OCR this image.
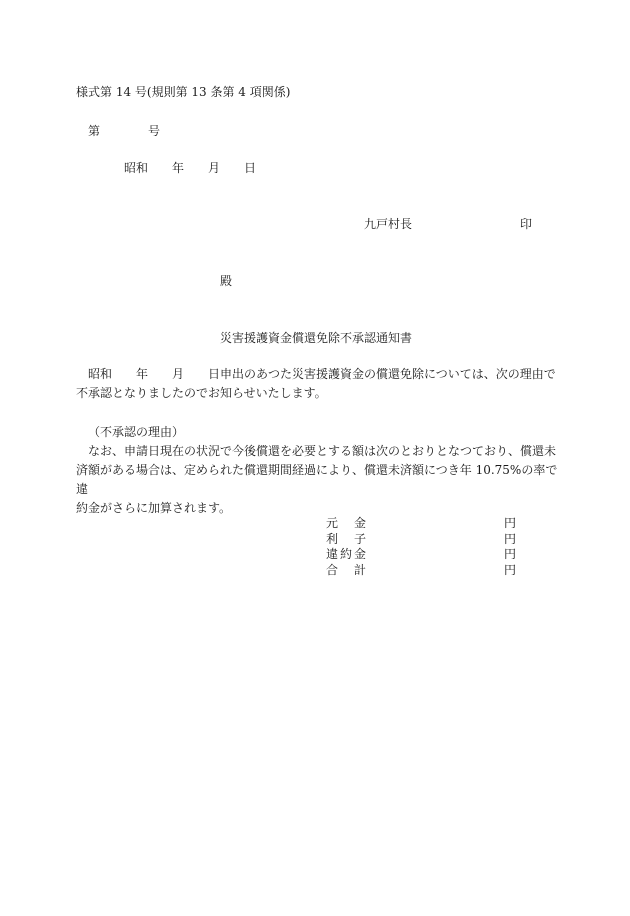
様式第 14 号(規則第 13 条第 4 項関係)
第	号
昭和 年 月 日
九戸村長	印
殿
災害援護資金償還免除不承認通知書

昭和　　年　　月　　日申出のあつた災害援護資金の償還免除については、次の理由で

不承認となりましたのでお知らせいたします。

（不承認の理由）

なお、申請日現在の状況で今後償還を必要とする額は次のとおりとなつており、償還未

済額がある場合は、定められた償還期間経過により、償還未済額につき年 10.75%の率で違
約金がさらに加算されます。
元　金	円
利　子	円
違約金	円
合　計	円
